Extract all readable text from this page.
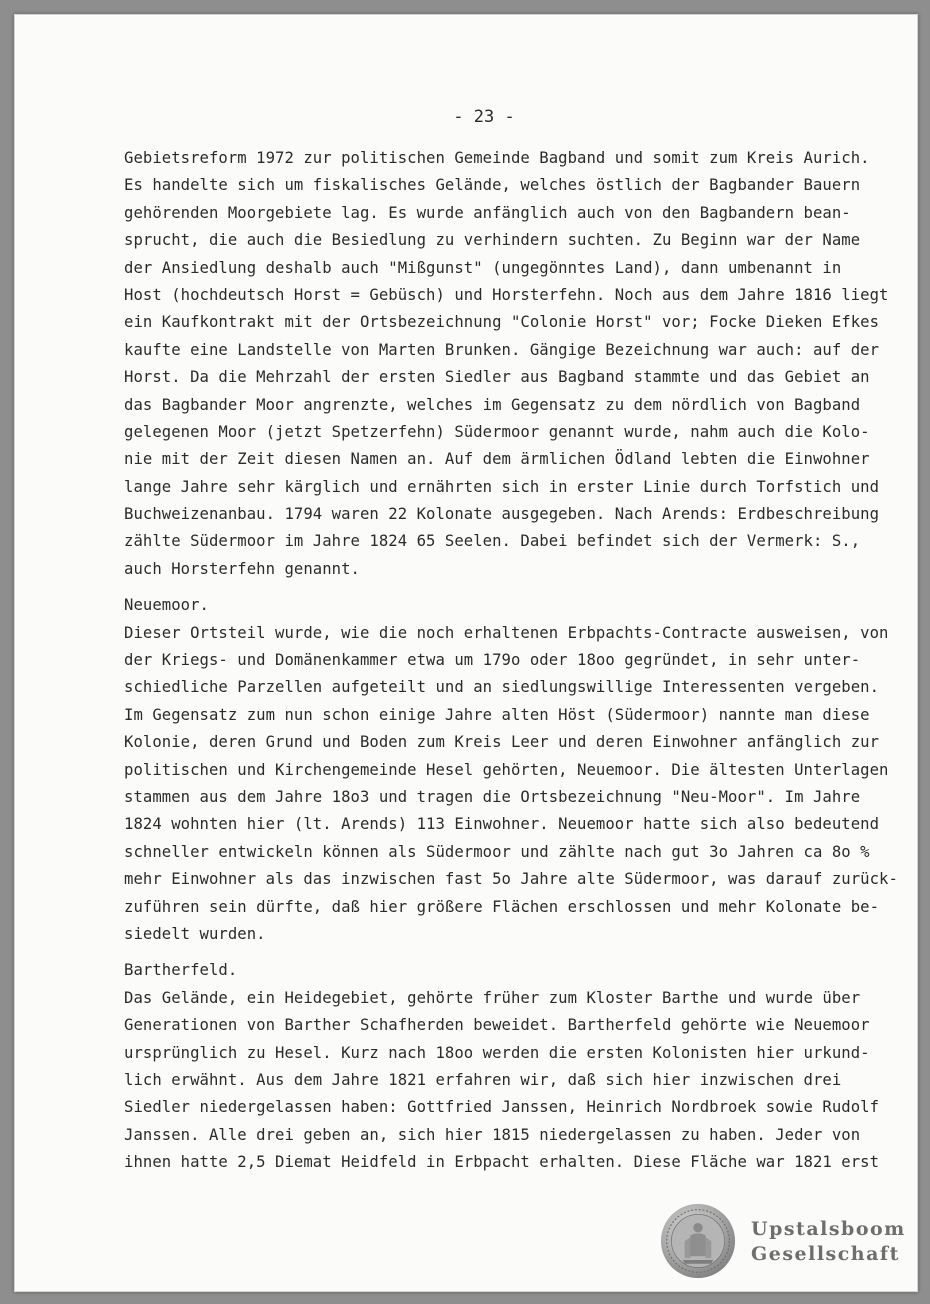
- 23 -
Gebietsreform 1972 zur politischen Gemeinde Bagband und somit zum Kreis Aurich.
Es handelte sich um fiskalisches Gelände, welches östlich der Bagbander Bauern
gehörenden Moorgebiete lag. Es wurde anfänglich auch von den Bagbandern bean-
sprucht, die auch die Besiedlung zu verhindern suchten. Zu Beginn war der Name
der Ansiedlung deshalb auch "Mißgunst" (ungegönntes Land), dann umbenannt in
Host (hochdeutsch Horst = Gebüsch) und Horsterfehn. Noch aus dem Jahre 1816 liegt
ein Kaufkontrakt mit der Ortsbezeichnung "Colonie Horst" vor; Focke Dieken Efkes
kaufte eine Landstelle von Marten Brunken. Gängige Bezeichnung war auch: auf der
Horst. Da die Mehrzahl der ersten Siedler aus Bagband stammte und das Gebiet an
das Bagbander Moor angrenzte, welches im Gegensatz zu dem nördlich von Bagband
gelegenen Moor (jetzt Spetzerfehn) Südermoor genannt wurde, nahm auch die Kolo-
nie mit der Zeit diesen Namen an. Auf dem ärmlichen Ödland lebten die Einwohner
lange Jahre sehr kärglich und ernährten sich in erster Linie durch Torfstich und
Buchweizenanbau. 1794 waren 22 Kolonate ausgegeben. Nach Arends: Erdbeschreibung
zählte Südermoor im Jahre 1824 65 Seelen. Dabei befindet sich der Vermerk: S.,
auch Horsterfehn genannt.
Neuemoor.
Dieser Ortsteil wurde, wie die noch erhaltenen Erbpachts-Contracte ausweisen, von
der Kriegs- und Domänenkammer etwa um 179o oder 18oo gegründet, in sehr unter-
schiedliche Parzellen aufgeteilt und an siedlungswillige Interessenten vergeben.
Im Gegensatz zum nun schon einige Jahre alten Höst (Südermoor) nannte man diese
Kolonie, deren Grund und Boden zum Kreis Leer und deren Einwohner anfänglich zur
politischen und Kirchengemeinde Hesel gehörten, Neuemoor. Die ältesten Unterlagen
stammen aus dem Jahre 18o3 und tragen die Ortsbezeichnung "Neu-Moor". Im Jahre
1824 wohnten hier (lt. Arends) 113 Einwohner. Neuemoor hatte sich also bedeutend
schneller entwickeln können als Südermoor und zählte nach gut 3o Jahren ca 8o %
mehr Einwohner als das inzwischen fast 5o Jahre alte Südermoor, was darauf zurück-
zuführen sein dürfte, daß hier größere Flächen erschlossen und mehr Kolonate be-
siedelt wurden.
Bartherfeld.
Das Gelände, ein Heidegebiet, gehörte früher zum Kloster Barthe und wurde über
Generationen von Barther Schafherden beweidet. Bartherfeld gehörte wie Neuemoor
ursprünglich zu Hesel. Kurz nach 18oo werden die ersten Kolonisten hier urkund-
lich erwähnt. Aus dem Jahre 1821 erfahren wir, daß sich hier inzwischen drei
Siedler niedergelassen haben: Gottfried Janssen, Heinrich Nordbroek sowie Rudolf
Janssen. Alle drei geben an, sich hier 1815 niedergelassen zu haben. Jeder von
ihnen hatte 2,5 Diemat Heidfeld in Erbpacht erhalten. Diese Fläche war 1821 erst
Upstalsboom
Gesellschaft
